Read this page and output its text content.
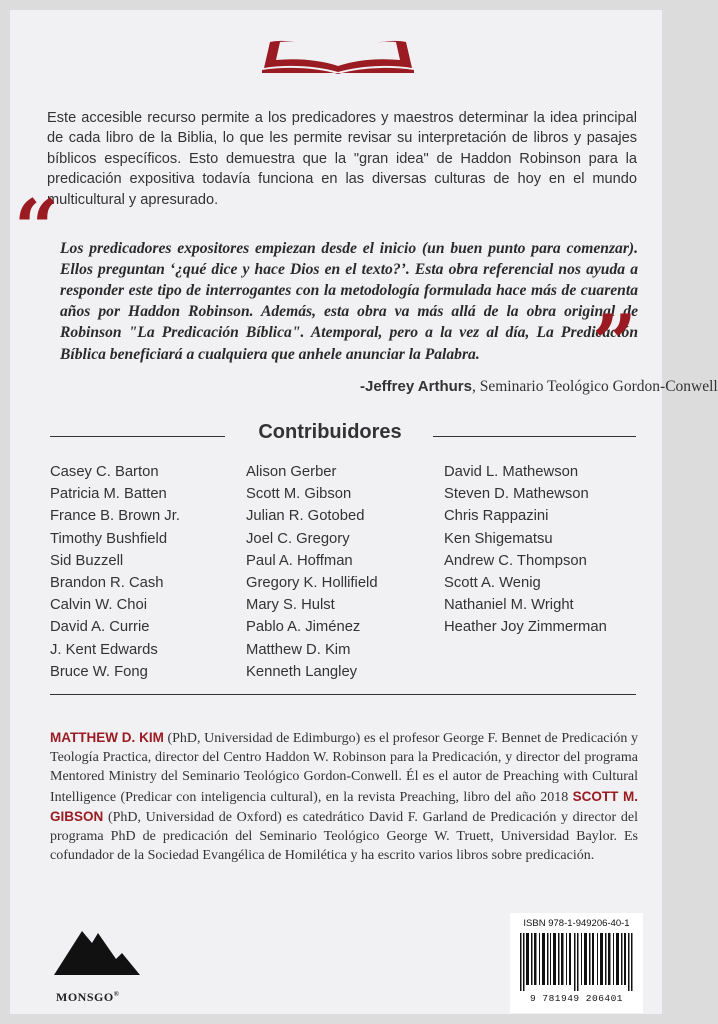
Este accesible recurso permite a los predicadores y maestros determinar la idea principal de cada libro de la Biblia, lo que les permite revisar su interpretación de libros y pasajes bíblicos específicos. Esto demuestra que la "gran idea" de Haddon Robinson para la predicación expositiva todavía funciona en las diversas culturas de hoy en el mundo multicultural y apresurado.

“ Los predicadores expositores empiezan desde el inicio (un buen punto para comenzar). Ellos preguntan ‘¿qué dice y hace Dios en el texto?’. Esta obra referencial nos ayuda a responder este tipo de interrogantes con la metodología formulada hace más de cuarenta años por Haddon Robinson. Además, esta obra va más allá de la obra original de Robinson "La Predicación Bíblica". Atemporal, pero a la vez al día, La Predicación Bíblica beneficiará a cualquiera que anhele anunciar la Palabra.	”
-Jeffrey Arthurs, Seminario Teológico Gordon-Conwell
Contribuidores
Casey C. Barton
Patricia M. Batten
France B. Brown Jr.
Timothy Bushfield
Sid Buzzell
Brandon R. Cash
Calvin W. Choi
David A. Currie
J. Kent Edwards
Bruce W. Fong
Alison Gerber
Scott M. Gibson
Julian R. Gotobed
Joel C. Gregory
Paul A. Hoffman
Gregory K. Hollifield
Mary S. Hulst
Pablo A. Jiménez
Matthew D. Kim
Kenneth Langley
David L. Mathewson
Steven D. Mathewson
Chris Rappazini
Ken Shigematsu
Andrew C. Thompson
Scott A. Wenig
Nathaniel M. Wright
Heather Joy Zimmerman

MATTHEW D. KIM (PhD, Universidad de Edimburgo) es el profesor George F. Bennet de Predicación y Teología Practica, director del Centro Haddon W. Robinson para la Predicación, y director del programa Mentored Ministry del Seminario Teológico Gordon-Conwell. Él es el autor de Preaching with Cultural Intelligence (Predicar con inteligencia cultural), en la revista Preaching, libro del año 2018 SCOTT M. GIBSON (PhD, Universidad de Oxford) es catedrático David F. Garland de Predicación y director del programa PhD de predicación del Seminario Teológico George W. Truett, Universidad Baylor. Es cofundador de la Sociedad Evangélica de Homilética y ha escrito varios libros sobre predicación.

MONSGO®
ISBN 978-1-949206-40-1
9 781949 206401
